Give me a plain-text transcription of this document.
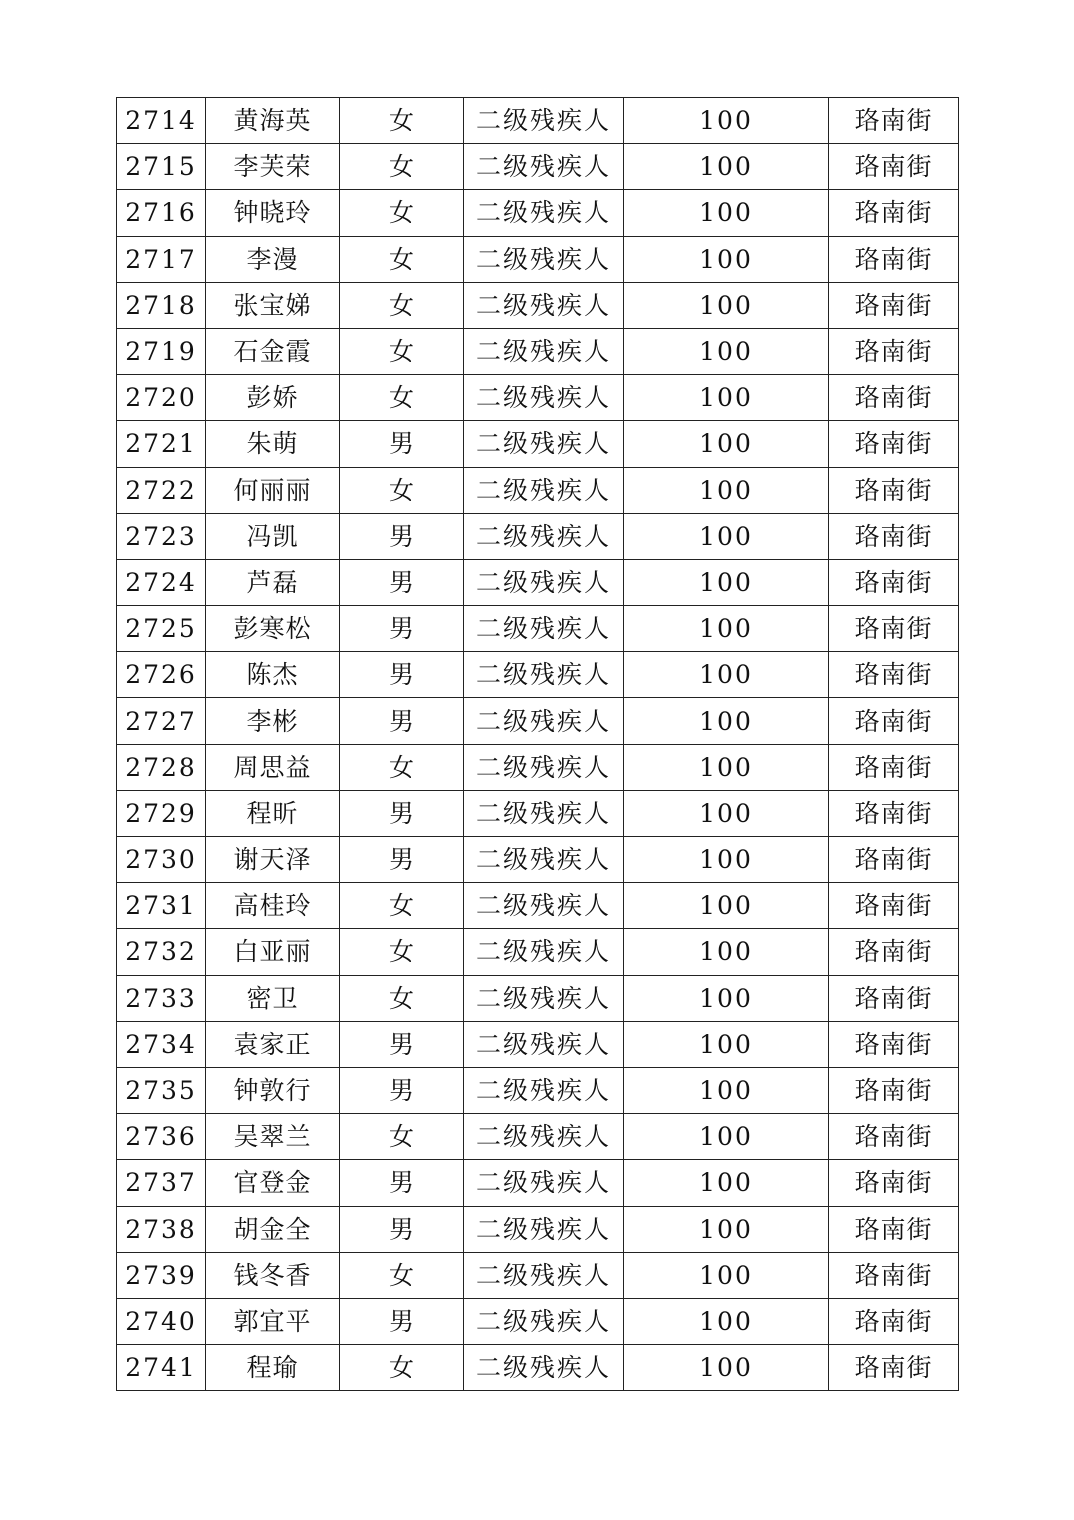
2714	黄海英	女	二级残疾人	100	珞南街
2715	李芙荣	女	二级残疾人	100	珞南街
2716	钟晓玲	女	二级残疾人	100	珞南街
2717	李漫	女	二级残疾人	100	珞南街
2718	张宝娣	女	二级残疾人	100	珞南街
2719	石金霞	女	二级残疾人	100	珞南街
2720	彭娇	女	二级残疾人	100	珞南街
2721	朱萌	男	二级残疾人	100	珞南街
2722	何丽丽	女	二级残疾人	100	珞南街
2723	冯凯	男	二级残疾人	100	珞南街
2724	芦磊	男	二级残疾人	100	珞南街
2725	彭寒松	男	二级残疾人	100	珞南街
2726	陈杰	男	二级残疾人	100	珞南街
2727	李彬	男	二级残疾人	100	珞南街
2728	周思益	女	二级残疾人	100	珞南街
2729	程昕	男	二级残疾人	100	珞南街
2730	谢天泽	男	二级残疾人	100	珞南街
2731	高桂玲	女	二级残疾人	100	珞南街
2732	白亚丽	女	二级残疾人	100	珞南街
2733	密卫	女	二级残疾人	100	珞南街
2734	袁家正	男	二级残疾人	100	珞南街
2735	钟敦行	男	二级残疾人	100	珞南街
2736	吴翠兰	女	二级残疾人	100	珞南街
2737	官登金	男	二级残疾人	100	珞南街
2738	胡金全	男	二级残疾人	100	珞南街
2739	钱冬香	女	二级残疾人	100	珞南街
2740	郭宜平	男	二级残疾人	100	珞南街
2741	程瑜	女	二级残疾人	100	珞南街
